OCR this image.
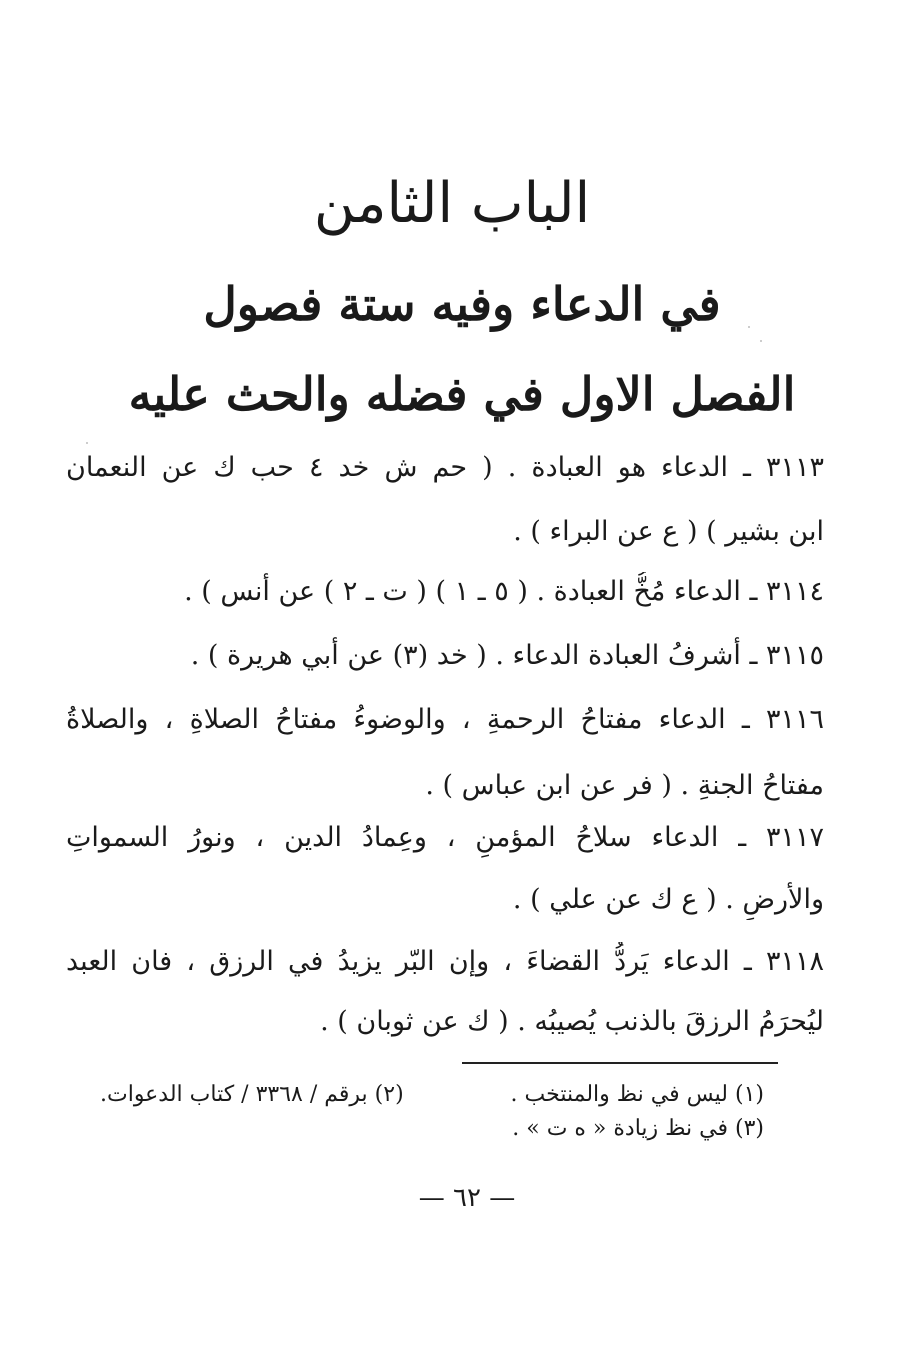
الباب الثامن
في الدعاء وفيه ستة فصول
الفصل الاول في فضله والحث عليه
٣١١٣ ـ الدعاء هو العبادة . ( حم ش خد ٤ حب ك عن النعمان
ابن بشير ) ( ع عن البراء ) .
٣١١٤ ـ الدعاء مُخُّ العبادة . ( ٥ ـ ١ ) ( ت ـ ٢ ) عن أنس ) .
٣١١٥ ـ أشرفُ العبادة الدعاء . ( خد (٣) عن أبي هريرة ) .
٣١١٦ ـ الدعاء مفتاحُ الرحمةِ ، والوضوءُ مفتاحُ الصلاةِ ، والصلاةُ
مفتاحُ الجنةِ . ( فر عن ابن عباس ) .
٣١١٧ ـ الدعاء سلاحُ المؤمنِ ، وعِمادُ الدين ، ونورُ السمواتِ
والأرضِ . ( ع ك عن علي ) .
٣١١٨ ـ الدعاء يَردُّ القضاءَ ، وإن البّر يزيدُ في الرزق ، فان العبد
ليُحرَمُ الرزقَ بالذنب يُصيبُه . ( ك عن ثوبان ) .
(١) ليس في نظ والمنتخب .
(٢) برقم / ٣٣٦٨ / كتاب الدعوات.
(٣) في نظ زيادة « ه ت » .
— ٦٢ —
